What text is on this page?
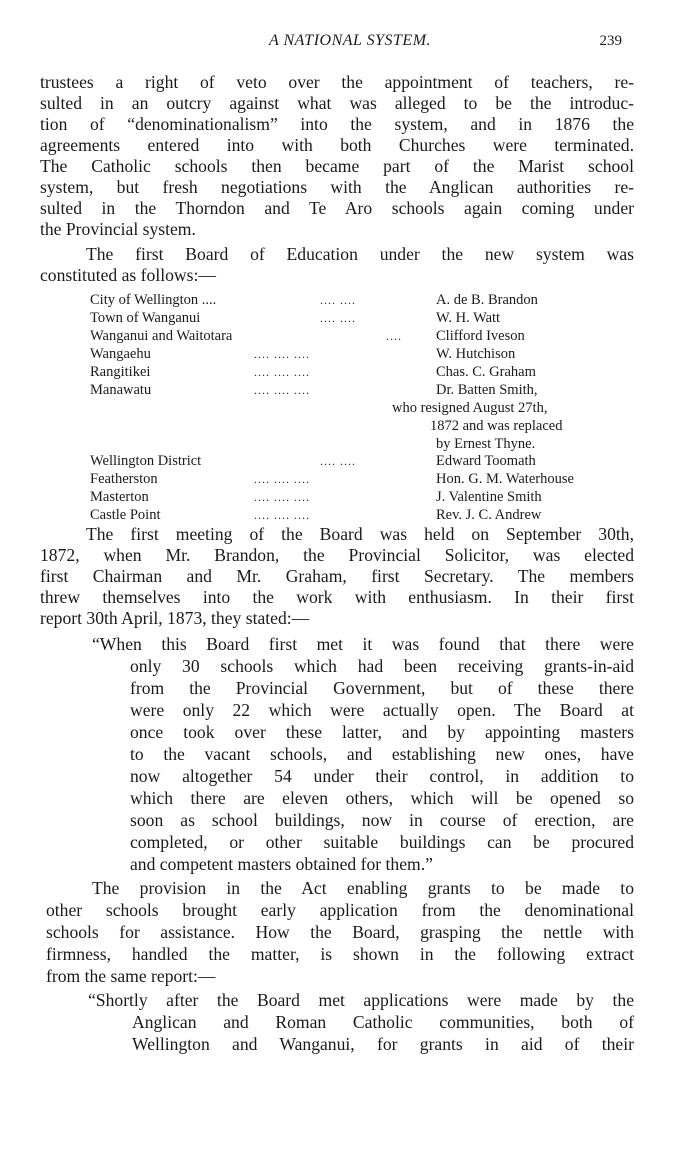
A NATIONAL SYSTEM.	239
trustees a right of veto over the appointment of teachers, re-
sulted in an outcry against what was alleged to be the introduc-
tion of “denominationalism” into the system, and in 1876 the
agreements entered into with both Churches were terminated.
The Catholic schools then became part of the Marist school
system, but fresh negotiations with the Anglican authorities re-
sulted in the Thorndon and Te Aro schools again coming under
the Provincial system.
The first Board of Education under the new system was
constituted as follows:—
City of Wellington ....	.... ....	A. de B. Brandon
Town of Wanganui	.... ....	W. H. Watt
Wanganui and Waitotara	.... Clifford Iveson
Wangaehu	.... .... ....	W. Hutchison
Rangitikei	.... .... ....	Chas. C. Graham
Manawatu	.... .... ....	Dr. Batten Smith,
who resigned August 27th,
1872 and was replaced
by Ernest Thyne.
Wellington District	.... ....	Edward Toomath
Featherston	.... .... ....	Hon. G. M. Waterhouse
Masterton	.... .... ....	J. Valentine Smith
Castle Point	.... .... ....	Rev. J. C. Andrew
The first meeting of the Board was held on September 30th,
1872, when Mr. Brandon, the Provincial Solicitor, was elected
first Chairman and Mr. Graham, first Secretary. The members
threw themselves into the work with enthusiasm. In their first
report 30th April, 1873, they stated:—
“When this Board first met it was found that there were
only 30 schools which had been receiving grants-in-aid
from the Provincial Government, but of these there
were only 22 which were actually open. The Board at
once took over these latter, and by appointing masters
to the vacant schools, and establishing new ones, have
now altogether 54 under their control, in addition to
which there are eleven others, which will be opened so
soon as school buildings, now in course of erection, are
completed, or other suitable buildings can be procured
and competent masters obtained for them.”
The provision in the Act enabling grants to be made to
other schools brought early application from the denominational
schools for assistance. How the Board, grasping the nettle with
firmness, handled the matter, is shown in the following extract
from the same report:—
“Shortly after the Board met applications were made by the
Anglican and Roman Catholic communities, both of
Wellington and Wanganui, for grants in aid of their
